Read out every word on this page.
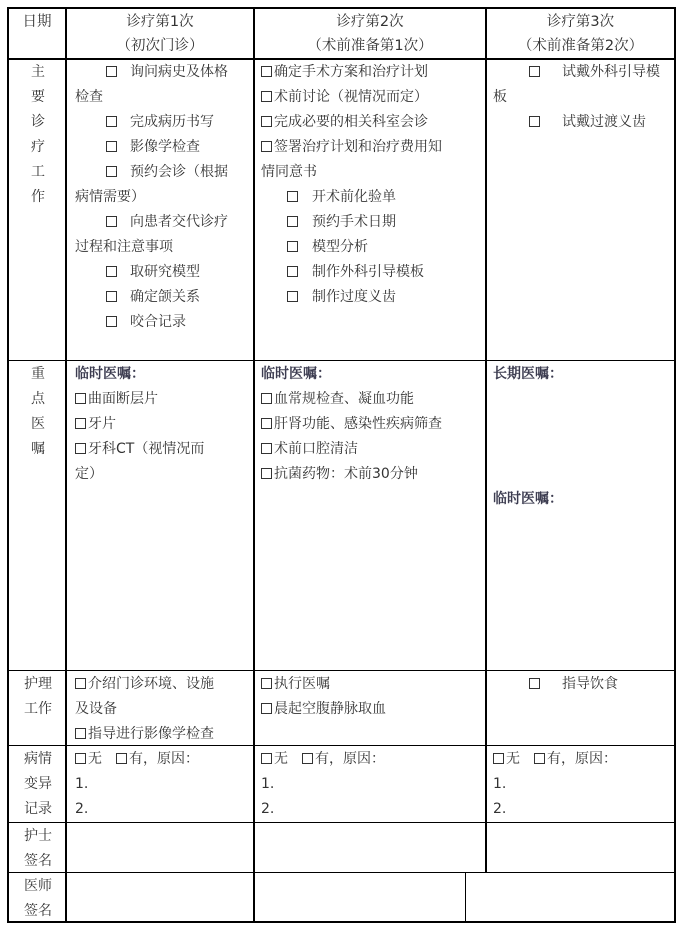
日期	诊疗第1次
（初次门诊）
诊疗第2次
（术前准备第1次）
诊疗第3次
（术前准备第2次）
主
要
诊
疗
工
作
询问病史及体格
检查
完成病历书写
影像学检查
预约会诊（根据
病情需要）
向患者交代诊疗
过程和注意事项
取研究模型
确定颌关系
咬合记录
确定手术方案和治疗计划
术前讨论（视情况而定）
完成必要的相关科室会诊
签署治疗计划和治疗费用知
情同意书
开术前化验单
预约手术日期
模型分析
制作外科引导模板
制作过度义齿
试戴外科引导模
板
试戴过渡义齿
重
点
医
嘱
临时医嘱：
曲面断层片
牙片
牙科CT（视情况而
定）
临时医嘱：
血常规检查、凝血功能
肝肾功能、感染性疾病筛查
术前口腔清洁
抗菌药物：术前30分钟
长期医嘱：
临时医嘱：
护理
工作
介绍门诊环境、设施
及设备
指导进行影像学检查
执行医嘱
晨起空腹静脉取血
指导饮食
病情
变异
记录
无 有，原因：
1.
2.
无 有，原因：
1.
2.
无 有，原因：
1.
2.
护士
签名
医师
签名
